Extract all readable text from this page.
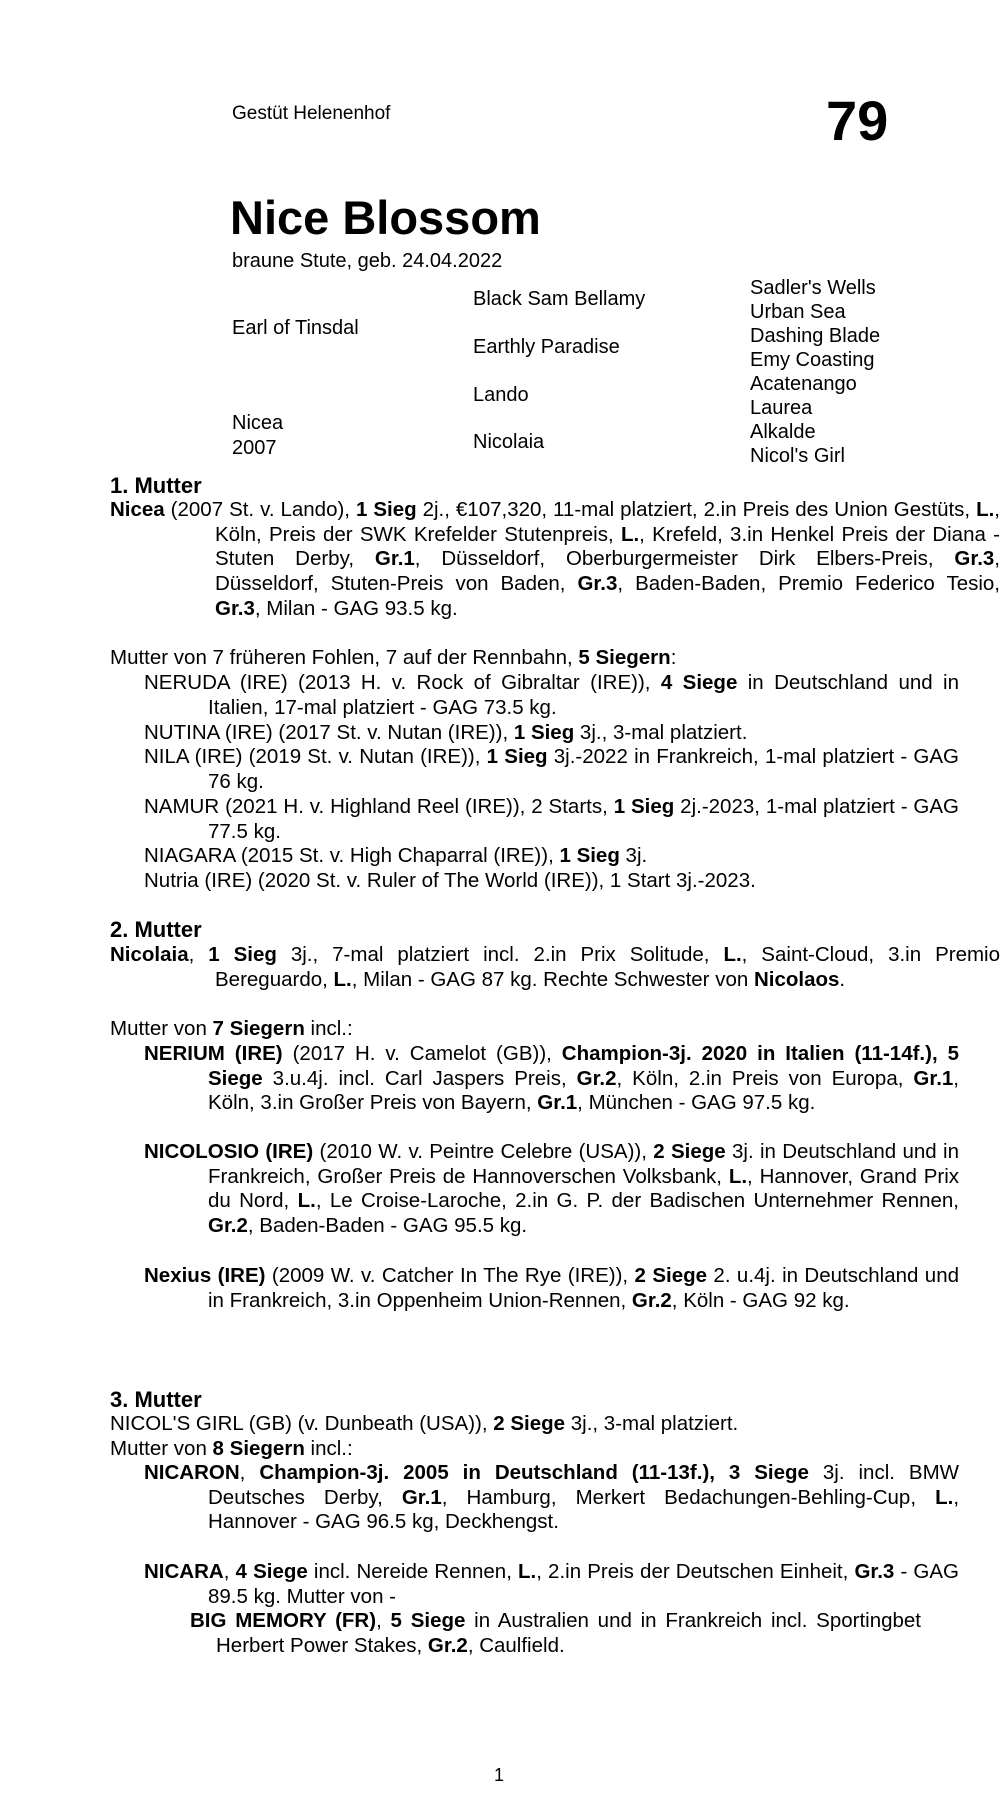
Gestüt Helenenhof	79
Nice Blossom
braune Stute, geb. 24.04.2022
Earl of Tinsdal
Nicea
2007
Black Sam Bellamy
Earthly Paradise
Lando
Nicolaia
Sadler's Wells
Urban Sea
Dashing Blade
Emy Coasting
Acatenango
Laurea
Alkalde
Nicol's Girl
1. Mutter
Nicea (2007 St. v. Lando), 1 Sieg 2j., €107,320, 11-mal platziert, 2.in Preis des Union Gestüts, L., Köln, Preis der SWK Krefelder Stutenpreis, L., Krefeld, 3.in Henkel Preis der Diana - Stuten Derby, Gr.1, Düsseldorf, Oberburgermeister Dirk Elbers-Preis, Gr.3, Düsseldorf, Stuten-Preis von Baden, Gr.3, Baden-Baden, Premio Federico Tesio, Gr.3, Milan - GAG 93.5 kg.
Mutter von 7 früheren Fohlen, 7 auf der Rennbahn, 5 Siegern:
NERUDA (IRE) (2013 H. v. Rock of Gibraltar (IRE)), 4 Siege in Deutschland und in Italien, 17-mal platziert - GAG 73.5 kg.
NUTINA (IRE) (2017 St. v. Nutan (IRE)), 1 Sieg 3j., 3-mal platziert.
NILA (IRE) (2019 St. v. Nutan (IRE)), 1 Sieg 3j.-2022 in Frankreich, 1-mal platziert - GAG 76 kg.
NAMUR (2021 H. v. Highland Reel (IRE)), 2 Starts, 1 Sieg 2j.-2023, 1-mal platziert - GAG 77.5 kg.
NIAGARA (2015 St. v. High Chaparral (IRE)), 1 Sieg 3j.
Nutria (IRE) (2020 St. v. Ruler of The World (IRE)), 1 Start 3j.-2023.
2. Mutter
Nicolaia, 1 Sieg 3j., 7-mal platziert incl. 2.in Prix Solitude, L., Saint-Cloud, 3.in Premio Bereguardo, L., Milan - GAG 87 kg. Rechte Schwester von Nicolaos.
Mutter von 7 Siegern incl.:
NERIUM (IRE) (2017 H. v. Camelot (GB)), Champion-3j. 2020 in Italien (11-14f.), 5 Siege 3.u.4j. incl. Carl Jaspers Preis, Gr.2, Köln, 2.in Preis von Europa, Gr.1, Köln, 3.in Großer Preis von Bayern, Gr.1, München - GAG 97.5 kg.
NICOLOSIO (IRE) (2010 W. v. Peintre Celebre (USA)), 2 Siege 3j. in Deutschland und in Frankreich, Großer Preis de Hannoverschen Volksbank, L., Hannover, Grand Prix du Nord, L., Le Croise-Laroche, 2.in G. P. der Badischen Unternehmer Rennen, Gr.2, Baden-Baden - GAG 95.5 kg.
Nexius (IRE) (2009 W. v. Catcher In The Rye (IRE)), 2 Siege 2. u.4j. in Deutschland und in Frankreich, 3.in Oppenheim Union-Rennen, Gr.2, Köln - GAG 92 kg.
3. Mutter
NICOL'S GIRL (GB) (v. Dunbeath (USA)), 2 Siege 3j., 3-mal platziert.
Mutter von 8 Siegern incl.:
NICARON, Champion-3j. 2005 in Deutschland (11-13f.), 3 Siege 3j. incl. BMW Deutsches Derby, Gr.1, Hamburg, Merkert Bedachungen-Behling-Cup, L., Hannover - GAG 96.5 kg, Deckhengst.
NICARA, 4 Siege incl. Nereide Rennen, L., 2.in Preis der Deutschen Einheit, Gr.3 - GAG 89.5 kg. Mutter von -
BIG MEMORY (FR), 5 Siege in Australien und in Frankreich incl. Sportingbet Herbert Power Stakes, Gr.2, Caulfield.
1
